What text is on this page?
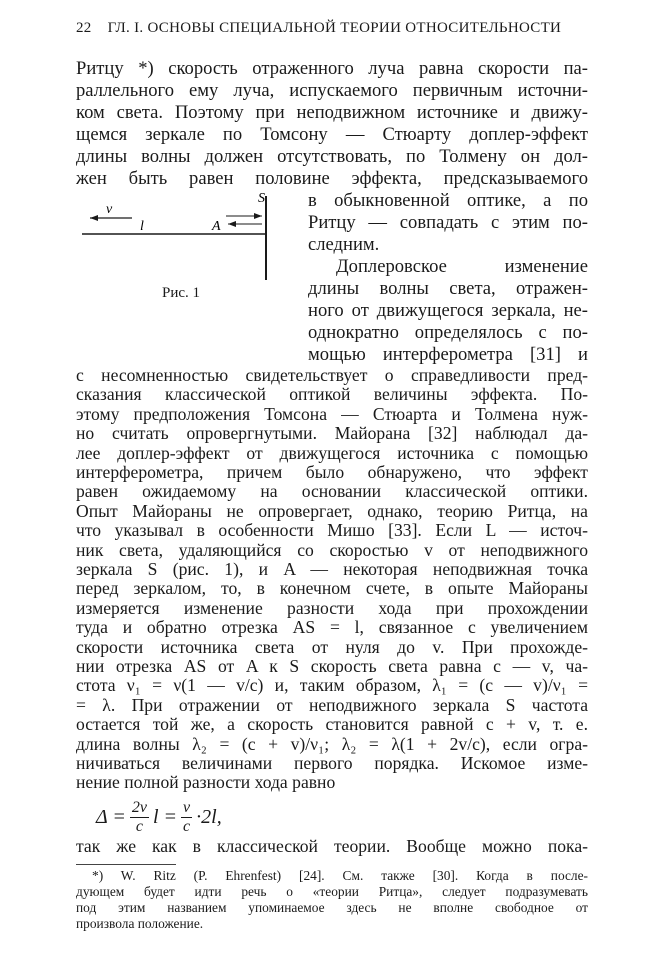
22 ГЛ. I. ОСНОВЫ СПЕЦИАЛЬНОЙ ТЕОРИИ ОТНОСИТЕЛЬНОСТИ
Ритцу *) скорость отраженного луча равна скорости па-
раллельного ему луча, испускаемого первичным источни-
ком света. Поэтому при неподвижном источнике и движу-
щемся зеркале по Томсону — Стюарту доплер-эффект
длины волны должен отсутствовать, по Толмену он дол-
жен быть равен половине эффекта, предсказываемого
в обыкновенной оптике, а по
Ритцу — совпадать с этим по-
следним.
Доплеровское изменение
длины волны света, отражен-
ного от движущегося зеркала, не-
однократно определялось с по-
мощью интерферометра [31] и
v
l	A
S
Рис. 1
с несомненностью свидетельствует о справедливости пред-
сказания классической оптикой величины эффекта. По-
этому предположения Томсона — Стюарта и Толмена нуж-
но считать опровергнутыми. Майорана [32] наблюдал да-
лее доплер-эффект от движущегося источника с помощью
интерферометра, причем было обнаружено, что эффект
равен ожидаемому на основании классической оптики.
Опыт Майораны не опровергает, однако, теорию Ритца, на
что указывал в особенности Мишо [33]. Если L — источ-
ник света, удаляющийся со скоростью v от неподвижного
зеркала S (рис. 1), и A — некоторая неподвижная точка
перед зеркалом, то, в конечном счете, в опыте Майораны
измеряется изменение разности хода при прохождении
туда и обратно отрезка AS = l, связанное с увеличением
скорости источника света от нуля до v. При прохожде-
нии отрезка AS от A к S скорость света равна c — v, ча-
стота ν₁ = ν(1 — v/c) и, таким образом, λ₁ = (c — v)/ν₁ =
= λ. При отражении от неподвижного зеркала S частота
остается той же, а скорость становится равной c + v, т. е.
длина волны λ₂ = (c + v)/ν₁; λ₂ = λ(1 + 2v/c), если огра-
ничиваться величинами первого порядка. Искомое изме-
нение полной разности хода равно
$\Delta = \frac{2v}{c}$ $l = \frac{v}{c} \cdot 2l$,
так же как в классической теории. Вообще можно пока-
*) W. Ritz (P. Ehrenfest) [24]. См. также [30]. Когда в после-
дующем будет идти речь о «теории Ритца», следует подразумевать
под этим названием упоминаемое здесь не вполне свободное от
произвола положение.
